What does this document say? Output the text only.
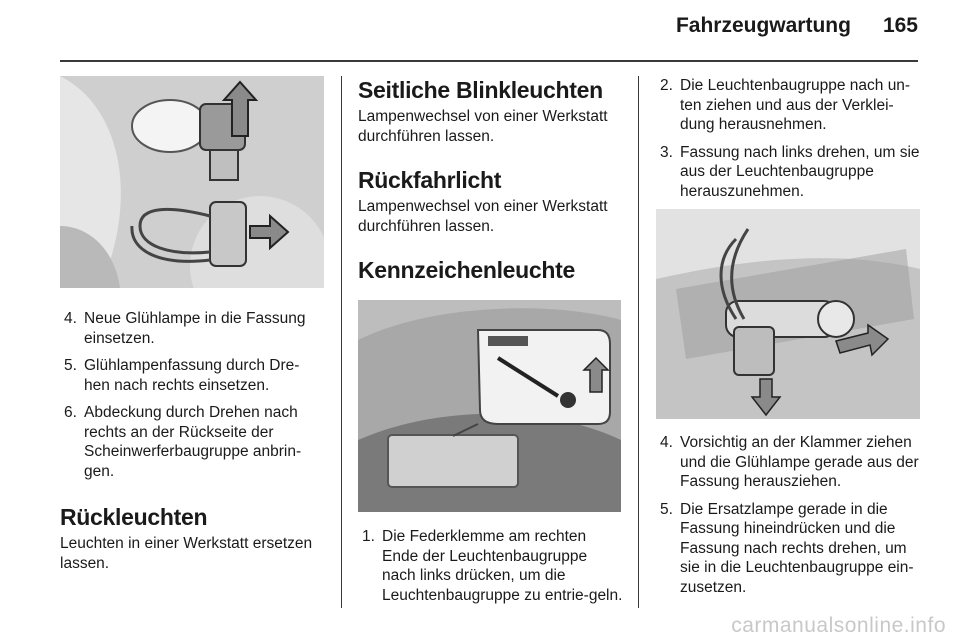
Fahrzeugwartung 165
4. Neue Glühlampe in die Fassung einsetzen.
5. Glühlampenfassung durch Dre-hen nach rechts einsetzen.
6. Abdeckung durch Drehen nach rechts an der Rückseite der Scheinwerferbaugruppe anbrin-gen.
Rückleuchten

Leuchten in einer Werkstatt ersetzen lassen.

Seitliche Blinkleuchten

Lampenwechsel von einer Werkstatt durchführen lassen.

Rückfahrlicht

Lampenwechsel von einer Werkstatt durchführen lassen.

Kennzeichenleuchte
1. Die Federklemme am rechten Ende der Leuchtenbaugruppe nach links drücken, um die Leuchtenbaugruppe zu entrie-geln.
2. Die Leuchtenbaugruppe nach un-ten ziehen und aus der Verklei-dung herausnehmen.
3. Fassung nach links drehen, um sie aus der Leuchtenbaugruppe herauszunehmen.
4. Vorsichtig an der Klammer ziehen und die Glühlampe gerade aus der Fassung herausziehen.
5. Die Ersatzlampe gerade in die Fassung hineindrücken und die Fassung nach rechts drehen, um sie in die Leuchtenbaugruppe ein-zusetzen.
carmanualsonline.info
